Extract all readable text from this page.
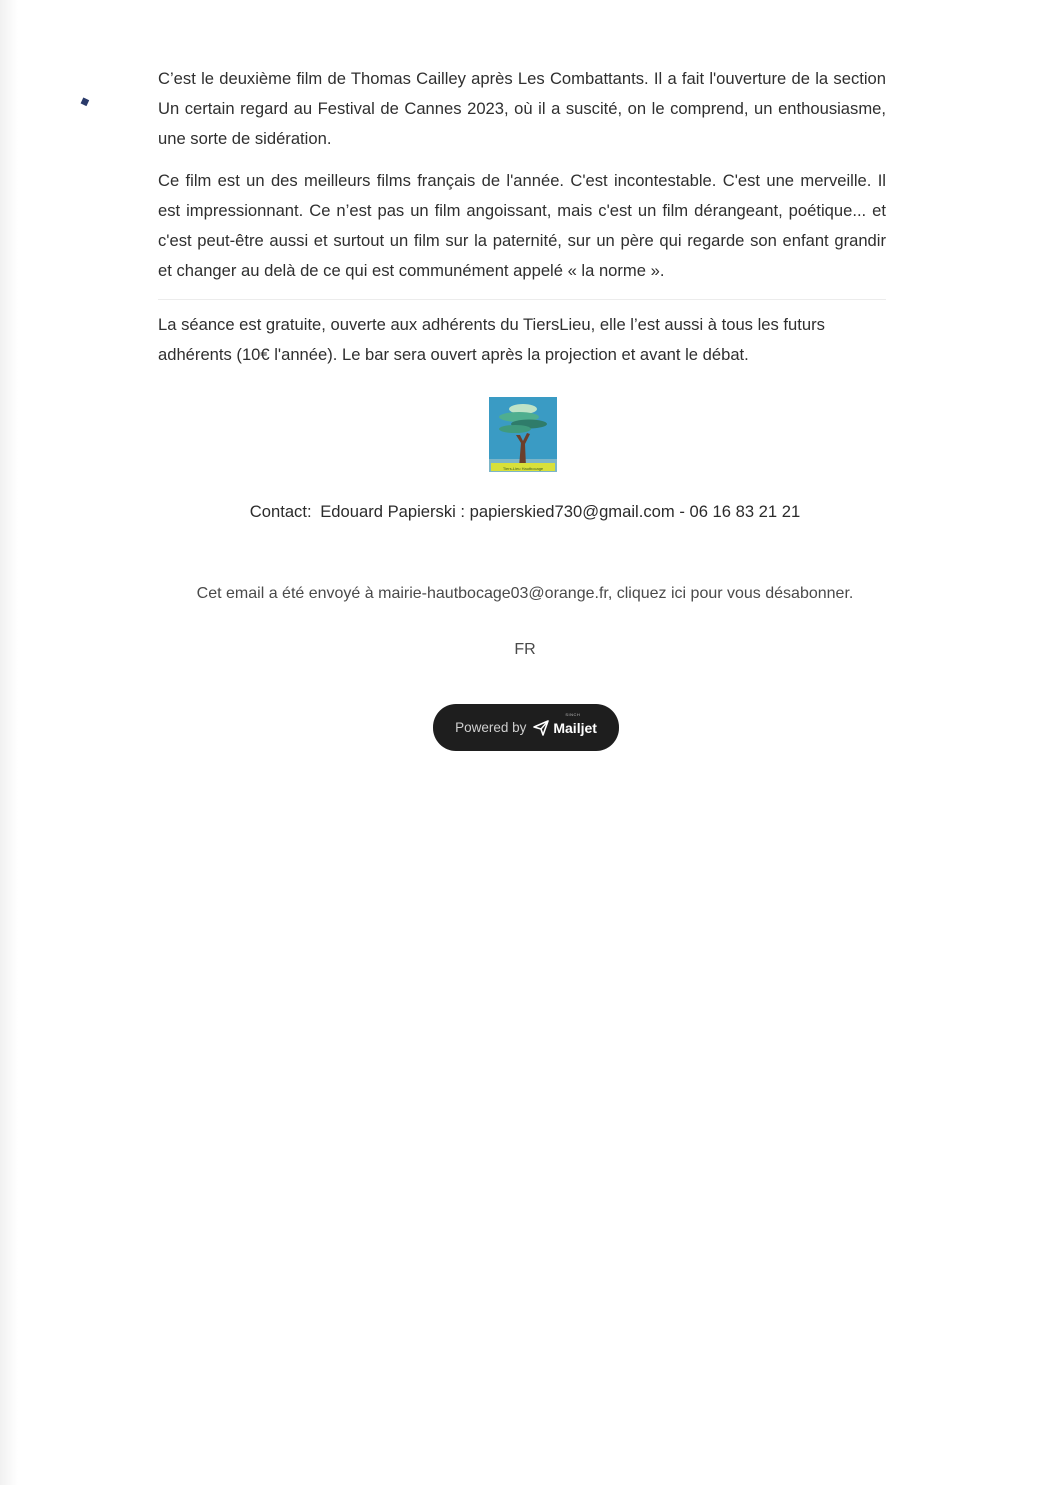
◆

C’est le deuxième film de Thomas Cailley après Les Combattants. Il a fait l'ouverture de la section Un certain regard au Festival de Cannes 2023, où il a suscité, on le comprend, un enthousiasme, une sorte de sidération.

Ce film est un des meilleurs films français de l'année. C'est incontestable. C'est une merveille. Il est impressionnant. Ce n’est pas un film angoissant, mais c'est un film dérangeant, poétique... et c'est peut-être aussi et surtout un film sur la paternité, sur un père qui regarde son enfant grandir et changer au delà de ce qui est communément appelé « la norme ».

La séance est gratuite, ouverte aux adhérents du TiersLieu, elle l’est aussi à tous les futurs adhérents (10€ l'année). Le bar sera ouvert après la projection et avant le débat.

Tiers-Lieu Hautbocage
Contact: Edouard Papierski : papierskied730@gmail.com - 06 16 83 21 21
Cet email a été envoyé à mairie-hautbocage03@orange.fr, cliquez ici pour vous désabonner.
FR
Powered by
SINCH
Mailjet
